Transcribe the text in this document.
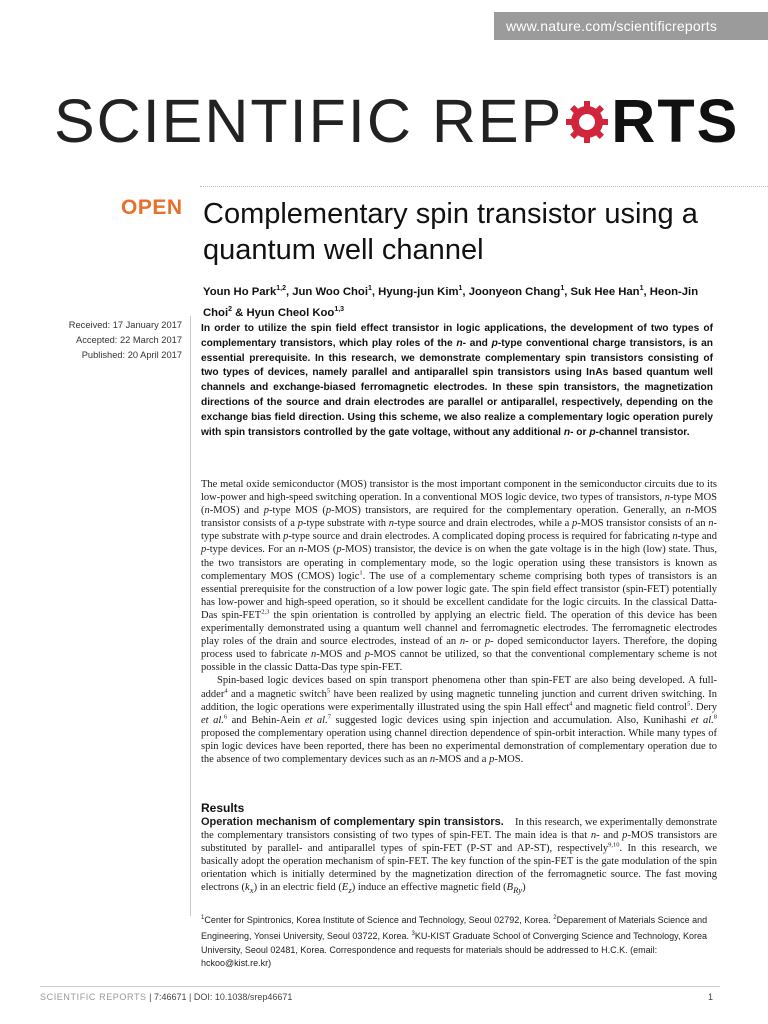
www.nature.com/scientificreports
SCIENTIFIC REP RTS
OPEN Complementary spin transistor using a quantum well channel
Youn Ho Park$^{1,2}$, Jun Woo Choi$^1$, Hyung-jun Kim$^1$, Joonyeon Chang$^1$, Suk Hee Han$^1$, Heon-Jin Choi$^2$ & Hyun Cheol Koo$^{1,3}$
Received: 17 January 2017
Accepted: 22 March 2017
Published: 20 April 2017
In order to utilize the spin field effect transistor in logic applications, the development of two types of complementary transistors, which play roles of the n- and p-type conventional charge transistors, is an essential prerequisite. In this research, we demonstrate complementary spin transistors consisting of two types of devices, namely parallel and antiparallel spin transistors using InAs based quantum well channels and exchange-biased ferromagnetic electrodes. In these spin transistors, the magnetization directions of the source and drain electrodes are parallel or antiparallel, respectively, depending on the exchange bias field direction. Using this scheme, we also realize a complementary logic operation purely with spin transistors controlled by the gate voltage, without any additional n- or p-channel transistor.

The metal oxide semiconductor (MOS) transistor is the most important component in the semiconductor circuits due to its low-power and high-speed switching operation. In a conventional MOS logic device, two types of transistors, n-type MOS (n-MOS) and p-type MOS (p-MOS) transistors, are required for the complementary operation. Generally, an n-MOS transistor consists of a p-type substrate with n-type source and drain electrodes, while a p-MOS transistor consists of an n-type substrate with p-type source and drain electrodes. A complicated doping process is required for fabricating n-type and p-type devices. For an n-MOS (p-MOS) transistor, the device is on when the gate voltage is in the high (low) state. Thus, the two transistors are operating in complementary mode, so the logic operation using these transistors is known as complementary MOS (CMOS) logic$^1$. The use of a complementary scheme comprising both types of transistors is an essential prerequisite for the construction of a low power logic gate. The spin field effect transistor (spin-FET) potentially has low-power and high-speed operation, so it should be excellent candidate for the logic circuits. In the classical Datta-Das spin-FET$^{2,3}$ the spin orientation is controlled by applying an electric field. The operation of this device has been experimentally demonstrated using a quantum well channel and ferromagnetic electrodes. The ferromagnetic electrodes play roles of the drain and source electrodes, instead of an n- or p- doped semiconductor layers. Therefore, the doping process used to fabricate n-MOS and p-MOS cannot be utilized, so that the conventional complementary scheme is not possible in the classic Datta-Das type spin-FET.

Spin-based logic devices based on spin transport phenomena other than spin-FET are also being developed. A full-adder$^4$ and a magnetic switch$^5$ have been realized by using magnetic tunneling junction and current driven switching. In addition, the logic operations were experimentally illustrated using the spin Hall effect$^4$ and magnetic field control$^5$. Dery et al.$^6$ and Behin-Aein et al.$^7$ suggested logic devices using spin injection and accumulation. Also, Kunihashi et al.$^8$ proposed the complementary operation using channel direction dependence of spin-orbit interaction. While many types of spin logic devices have been reported, there has been no experimental demonstration of complementary operation due to the absence of two complementary devices such as an n-MOS and a p-MOS.

Results
Operation mechanism of complementary spin transistors. In this research, we experimentally demonstrate the complementary transistors consisting of two types of spin-FET. The main idea is that n- and p-MOS transistors are substituted by parallel- and antiparallel types of spin-FET (P-ST and AP-ST), respectively$^{9,10}$. In this research, we basically adopt the operation mechanism of spin-FET. The key function of the spin-FET is the gate modulation of the spin orientation which is initially determined by the magnetization direction of the ferromagnetic source. The fast moving electrons $(k_x)$ in an electric field $(E_z)$ induce an effective magnetic field $(B_{Ry})$
$^1$Center for Spintronics, Korea Institute of Science and Technology, Seoul 02792, Korea. $^2$Deparement of Materials Science and Engineering, Yonsei University, Seoul 03722, Korea. $^3$KU-KIST Graduate School of Converging Science and Technology, Korea University, Seoul 02481, Korea. Correspondence and requests for materials should be addressed to H.C.K. (email: hckoo@kist.re.kr)
SCIENTIFIC REPORTS | 7:46671 | DOI: 10.1038/srep46671	1
